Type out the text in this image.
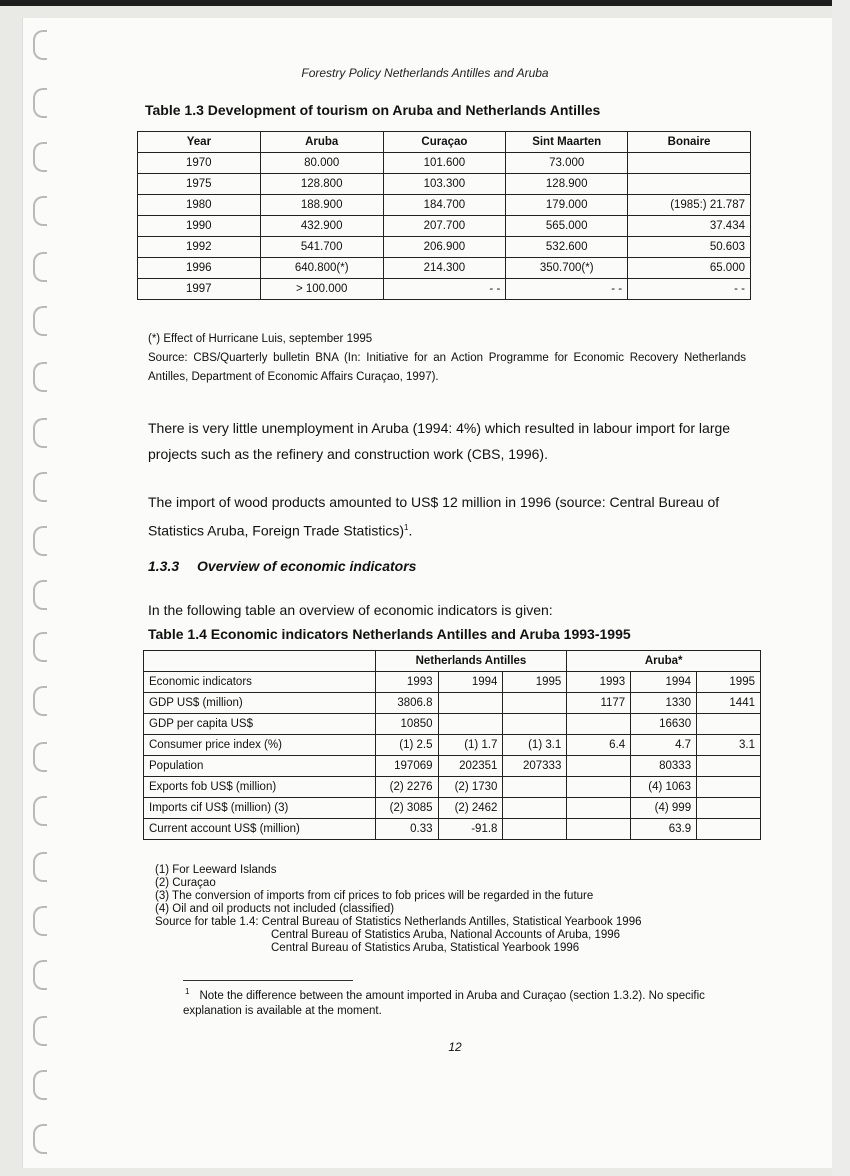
Forestry Policy Netherlands Antilles and Aruba
Table 1.3 Development of tourism on Aruba and Netherlands Antilles
Year	Aruba	Curaçao	Sint Maarten	Bonaire
1970	80.000	101.600	73.000	
1975	128.800	103.300	128.900	
1980	188.900	184.700	179.000	(1985:) 21.787
1990	432.900	207.700	565.000	37.434
1992	541.700	206.900	532.600	50.603
1996	640.800(*)	214.300	350.700(*)	65.000
1997	> 100.000	- -	- -	- -
(*) Effect of Hurricane Luis, september 1995
Source: CBS/Quarterly bulletin BNA (In: Initiative for an Action Programme for Economic Recovery Netherlands Antilles, Department of Economic Affairs Curaçao, 1997).
There is very little unemployment in Aruba (1994: 4%) which resulted in labour import for large projects such as the refinery and construction work (CBS, 1996).
The import of wood products amounted to US$ 12 million in 1996 (source: Central Bureau of Statistics Aruba, Foreign Trade Statistics)$^1$.
1.3.3 Overview of economic indicators
In the following table an overview of economic indicators is given:
Table 1.4 Economic indicators Netherlands Antilles and Aruba 1993-1995
	Netherlands Antilles			Aruba*		
Economic indicators	1993	1994	1995	1993	1994	1995
GDP US$ (million)	3806.8			1177	1330	1441
GDP per capita US$	10850				16630	
Consumer price index (%)	(1) 2.5	(1) 1.7	(1) 3.1	6.4	4.7	3.1
Population	197069	202351	207333		80333	
Exports fob US$ (million)	(2) 2276	(2) 1730			(4) 1063	
Imports cif US$ (million) (3)	(2) 3085	(2) 2462			(4) 999	
Current account US$ (million)	0.33	-91.8			63.9	
(1) For Leeward Islands
(2) Curaçao
(3) The conversion of imports from cif prices to fob prices will be regarded in the future
(4) Oil and oil products not included (classified)
Source for table 1.4: Central Bureau of Statistics Netherlands Antilles, Statistical Yearbook 1996
Central Bureau of Statistics Aruba, National Accounts of Aruba, 1996
Central Bureau of Statistics Aruba, Statistical Yearbook 1996
$^1$ Note the difference between the amount imported in Aruba and Curaçao (section 1.3.2). No specific explanation is available at the moment.
12
